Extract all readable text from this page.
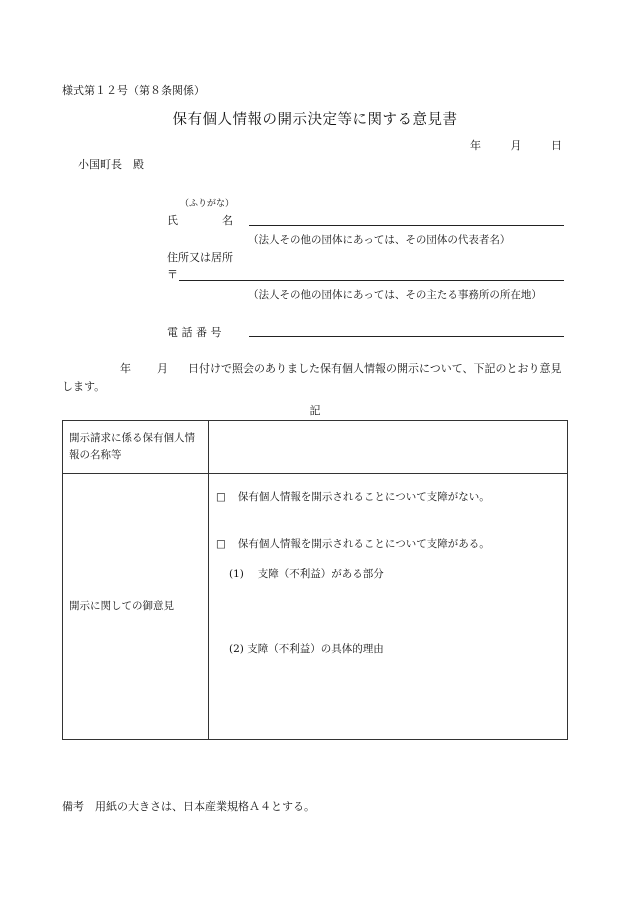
様式第１２号（第８条関係）
保有個人情報の開示決定等に関する意見書
年	月	日
小国町長　殿
（ふりがな）
氏　　　　名
（法人その他の団体にあっては、その団体の代表者名）
住所又は居所
〒
（法人その他の団体にあっては、その主たる事務所の所在地）
電 話 番 号
年 月 日付けで照会のありました保有個人情報の開示について、下記のとおり意見します。
記
開示請求に係る保有個人情報の名称等	
開示に関しての御意見	□ 保有個人情報を開示されることについて支障がない。
□ 保有個人情報を開示されることについて支障がある。
(1)　 支障（不利益）がある部分
(2) 支障（不利益）の具体的理由
備考　用紙の大きさは、日本産業規格Ａ４とする。
